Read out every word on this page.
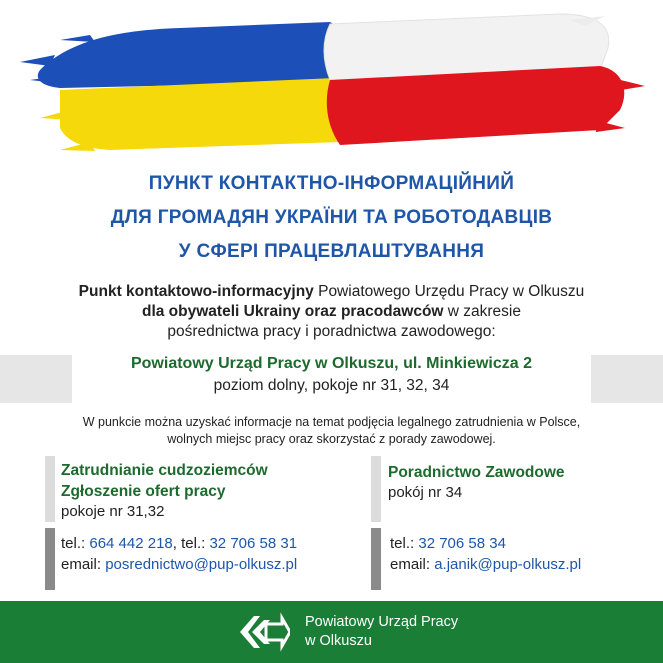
ПУНКТ КОНТАКТНО-ІНФОРМАЦІЙНИЙ
ДЛЯ ГРОМАДЯН УКРАЇНИ ТА РОБОТОДАВЦІВ
У СФЕРІ ПРАЦЕВЛАШТУВАННЯ
Punkt kontaktowo-informacyjny Powiatowego Urzędu Pracy w Olkuszu
dla obywateli Ukrainy oraz pracodawców w zakresie
pośrednictwa pracy i poradnictwa zawodowego:
Powiatowy Urząd Pracy w Olkuszu, ul. Minkiewicza 2
poziom dolny, pokoje nr 31, 32, 34
W punkcie można uzyskać informacje na temat podjęcia legalnego zatrudnienia w Polsce,
wolnych miejsc pracy oraz skorzystać z porady zawodowej.
Zatrudnianie cudzoziemców
Zgłoszenie ofert pracy
pokoje nr 31,32
tel.: 664 442 218, tel.: 32 706 58 31
email: posrednictwo@pup-olkusz.pl
Poradnictwo Zawodowe
pokój nr 34
tel.: 32 706 58 34
email: a.janik@pup-olkusz.pl
Powiatowy Urząd Pracy
w Olkuszu
